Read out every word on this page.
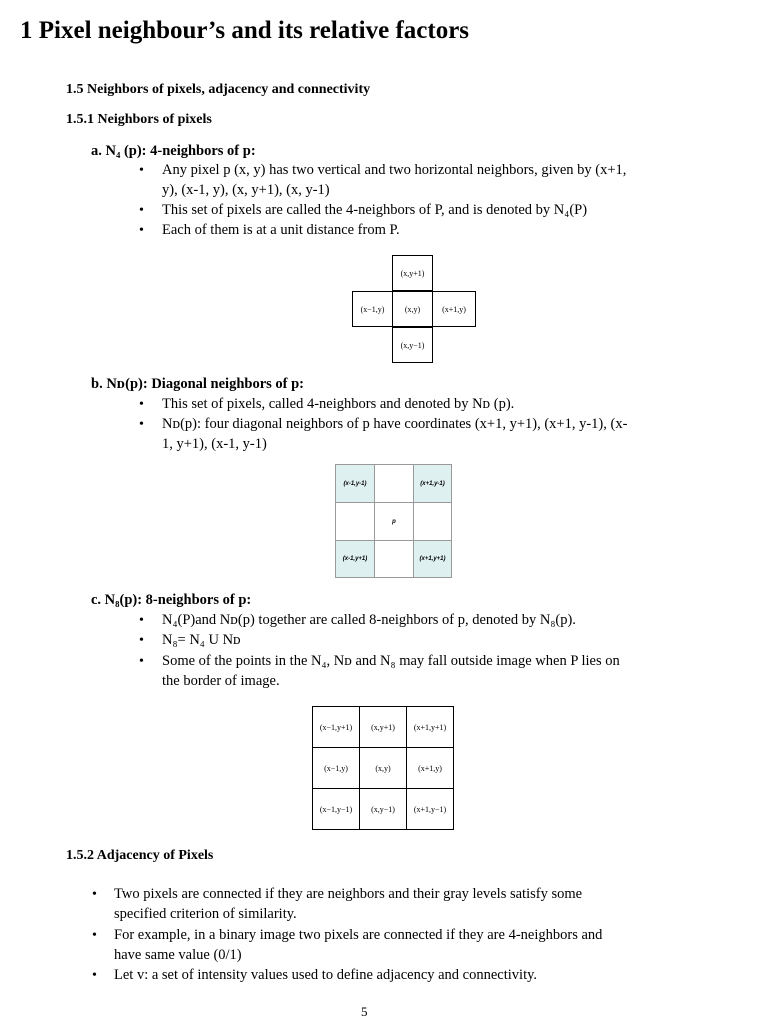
1 Pixel neighbour’s and its relative factors
1.5 Neighbors of pixels, adjacency and connectivity
1.5.1 Neighbors of pixels
a. N₄ (p): 4-neighbors of p:
• Any pixel p (x, y) has two vertical and two horizontal neighbors, given by (x+1,
y), (x-1, y), (x, y+1), (x, y-1)
• This set of pixels are called the 4-neighbors of P, and is denoted by N₄(P)
• Each of them is at a unit distance from P.
(x,y+1)
(x−1,y)	(x,y)	(x+1,y)
(x,y−1)
b. Nᴅ(p): Diagonal neighbors of p:
• This set of pixels, called 4-neighbors and denoted by Nᴅ (p).
• Nᴅ(p): four diagonal neighbors of p have coordinates (x+1, y+1), (x+1, y-1), (x-
1, y+1), (x-1, y-1)
(x-1,y-1)	(x+1,y-1)
p
(x-1,y+1)	(x+1,y+1)
c. N₈(p): 8-neighbors of p:
• N₄(P)and Nᴅ(p) together are called 8-neighbors of p, denoted by N₈(p).
• N₈= N₄ U Nᴅ
• Some of the points in the N₄, Nᴅ and N₈ may fall outside image when P lies on
the border of image.
(x−1,y+1)	(x,y+1)	(x+1,y+1)
(x−1,y)	(x,y)	(x+1,y)
(x−1,y−1)	(x,y−1)	(x+1,y−1)
1.5.2 Adjacency of Pixels
• Two pixels are connected if they are neighbors and their gray levels satisfy some
specified criterion of similarity.
• For example, in a binary image two pixels are connected if they are 4-neighbors and
have same value (0/1)
• Let v: a set of intensity values used to define adjacency and connectivity.
5
